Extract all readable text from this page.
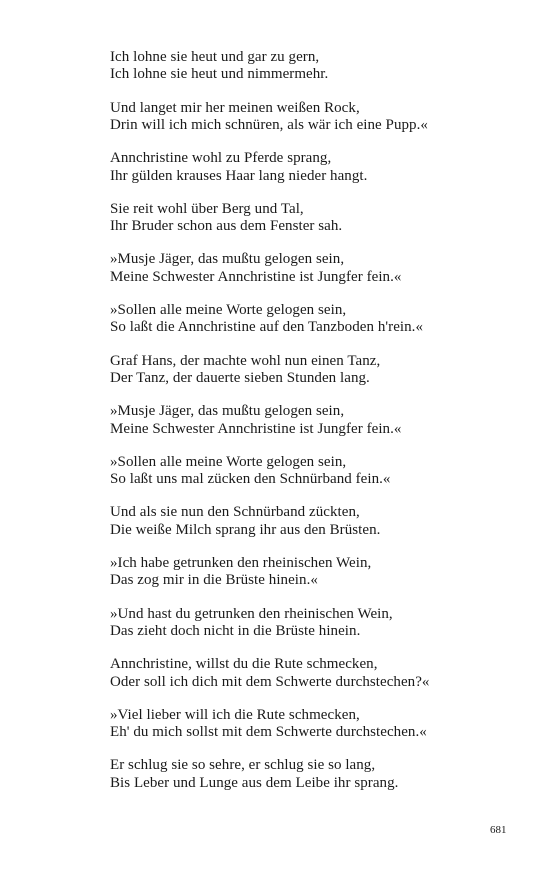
Ich lohne sie heut und gar zu gern,
Ich lohne sie heut und nimmermehr.
Und langet mir her meinen weißen Rock,
Drin will ich mich schnüren, als wär ich eine Pupp.«
Annchristine wohl zu Pferde sprang,
Ihr gülden krauses Haar lang nieder hangt.
Sie reit wohl über Berg und Tal,
Ihr Bruder schon aus dem Fenster sah.
»Musje Jäger, das mußtu gelogen sein,
Meine Schwester Annchristine ist Jungfer fein.«
»Sollen alle meine Worte gelogen sein,
So laßt die Annchristine auf den Tanzboden h'rein.«
Graf Hans, der machte wohl nun einen Tanz,
Der Tanz, der dauerte sieben Stunden lang.
»Musje Jäger, das mußtu gelogen sein,
Meine Schwester Annchristine ist Jungfer fein.«
»Sollen alle meine Worte gelogen sein,
So laßt uns mal zücken den Schnürband fein.«
Und als sie nun den Schnürband zückten,
Die weiße Milch sprang ihr aus den Brüsten.
»Ich habe getrunken den rheinischen Wein,
Das zog mir in die Brüste hinein.«
»Und hast du getrunken den rheinischen Wein,
Das zieht doch nicht in die Brüste hinein.
Annchristine, willst du die Rute schmecken,
Oder soll ich dich mit dem Schwerte durchstechen?«
»Viel lieber will ich die Rute schmecken,
Eh' du mich sollst mit dem Schwerte durchstechen.«
Er schlug sie so sehre, er schlug sie so lang,
Bis Leber und Lunge aus dem Leibe ihr sprang.
681
